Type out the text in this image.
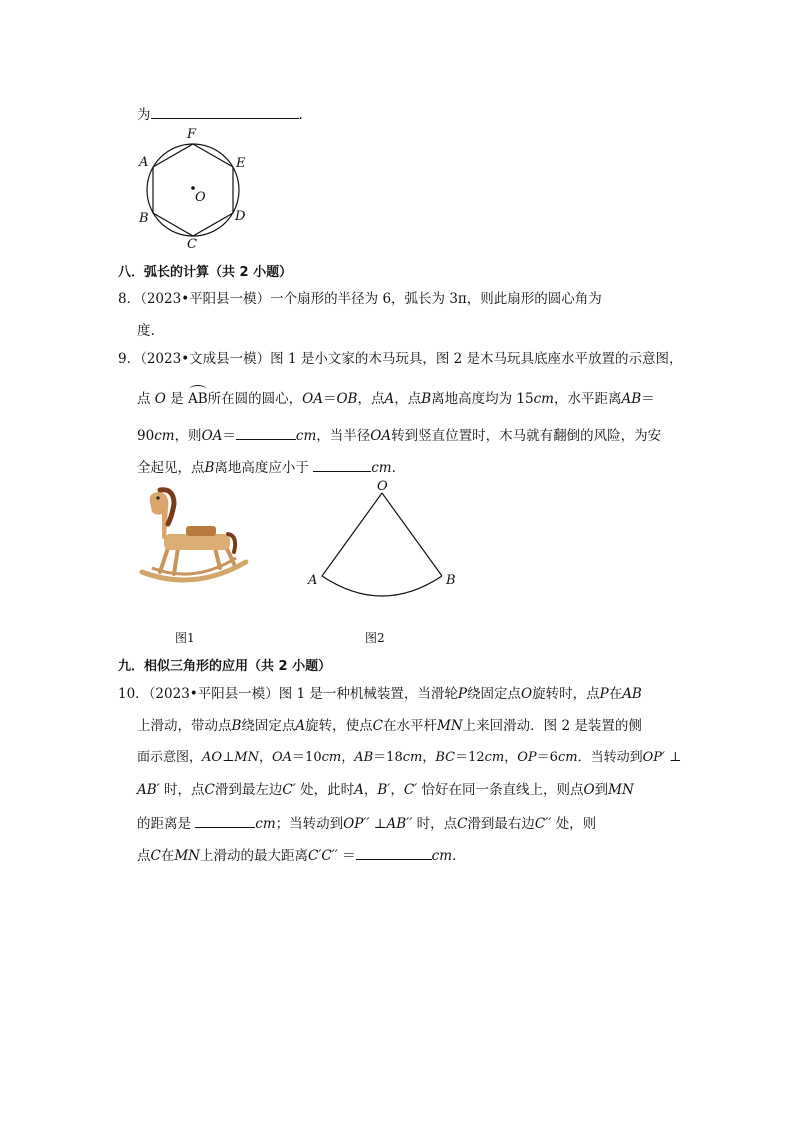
为	.
F
A	E
O
B	D
C
八．弧长的计算（共 2 小题）
8．（2023•平阳县一模）一个扇形的半径为 6，弧长为 3π，则此扇形的圆心角为
度.
9．（2023•文成县一模）图 1 是小文家的木马玩具，图 2 是木马玩具底座水平放置的示意图，
点 O 是 AB所在圆的圆心，OA＝OB，点A，点B离地高度均为 15cm，水平距离AB＝
90cm，则OA＝	cm，当半径OA转到竖直位置时，木马就有翻倒的风险，为安
全起见，点B离地高度应小于	cm.
O
A	B
图1	图2
九．相似三角形的应用（共 2 小题）
10．（2023•平阳县一模）图 1 是一种机械装置，当滑轮P绕固定点O旋转时，点P在AB
上滑动，带动点B绕固定点A旋转，使点C在水平杆MN上来回滑动．图 2 是装置的侧
面示意图，AO⊥MN，OA＝10cm，AB＝18cm，BC＝12cm，OP＝6cm．当转动到OP′ ⊥
AB′ 时，点C滑到最左边C′ 处，此时A，B′，C′ 恰好在同一条直线上，则点O到MN
的距离是	cm；当转动到OP′′ ⊥AB′′ 时，点C滑到最右边C′′ 处，则
点C在MN上滑动的最大距离C′C′′ ＝	cm.
